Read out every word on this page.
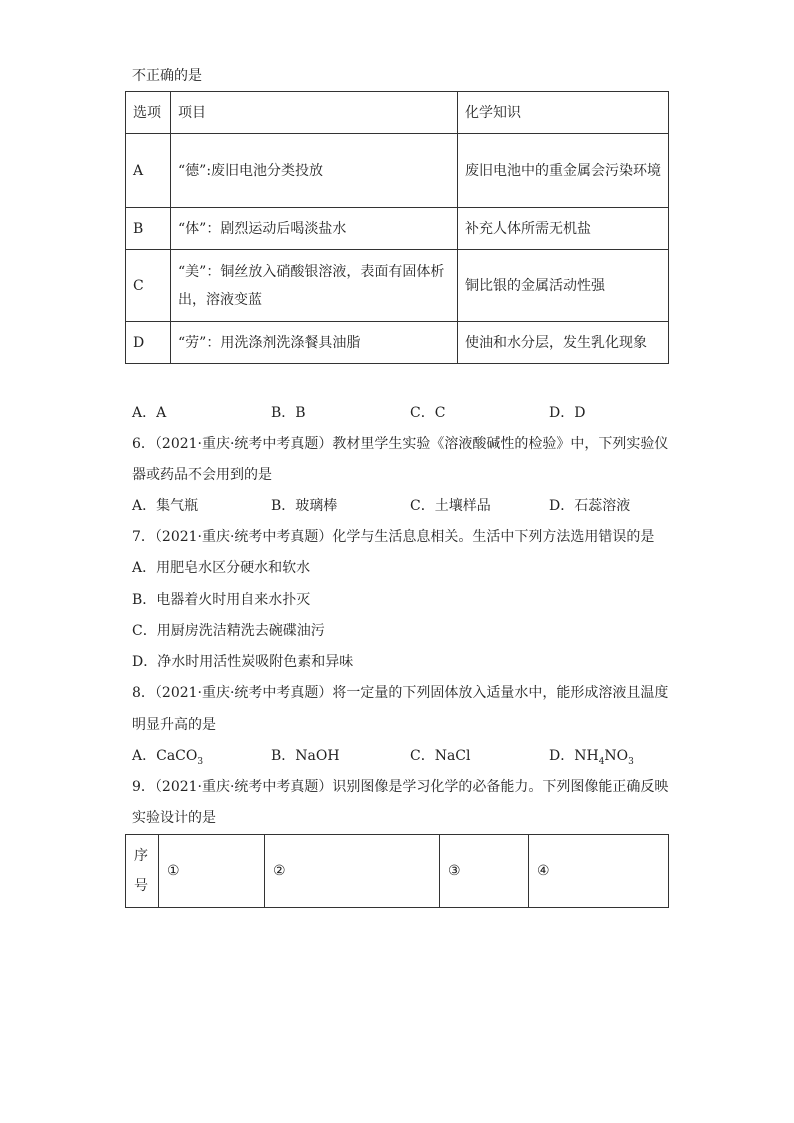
不正确的是
选项	项目	化学知识
A	“德”:废旧电池分类投放	废旧电池中的重金属会污染环境
B	“体”：剧烈运动后喝淡盐水	补充人体所需无机盐
C	“美”：铜丝放入硝酸银溶液，表面有固体析出，溶液变蓝	铜比银的金属活动性强
D	“劳”：用洗涤剂洗涤餐具油脂	使油和水分层，发生乳化现象
A．A	B．B	C．C	D．D
6．（2021·重庆·统考中考真题）教材里学生实验《溶液酸碱性的检验》中，下列实验仪
器或药品不会用到的是
A．集气瓶	B．玻璃棒	C．土壤样品	D．石蕊溶液
7．（2021·重庆·统考中考真题）化学与生活息息相关。生活中下列方法选用错误的是
A．用肥皂水区分硬水和软水
B．电器着火时用自来水扑灭
C．用厨房洗洁精洗去碗碟油污
D．净水时用活性炭吸附色素和异味
8．（2021·重庆·统考中考真题）将一定量的下列固体放入适量水中，能形成溶液且温度
明显升高的是
A．CaCO$_3$	B．NaOH	C．NaCl	D．$NH_4NO_3$
9．（2021·重庆·统考中考真题）识别图像是学习化学的必备能力。下列图像能正确反映
实验设计的是
序号	①	②	③	④
